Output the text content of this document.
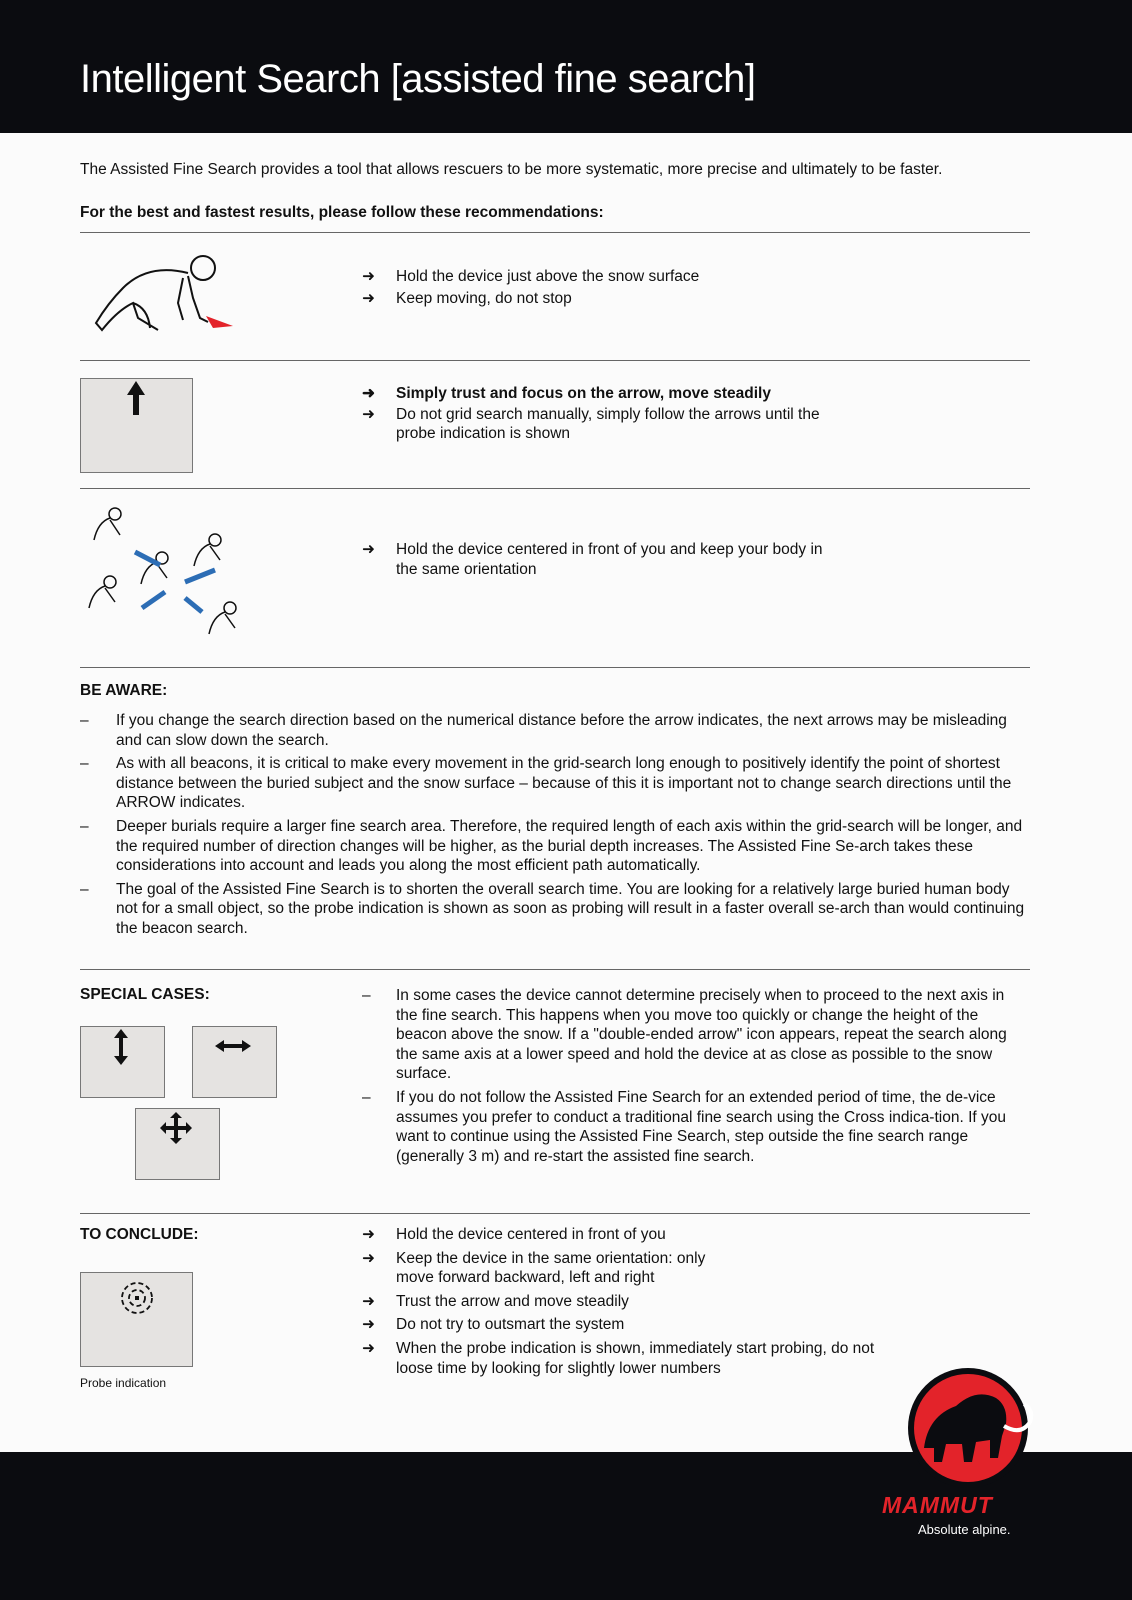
Intelligent Search [assisted fine search]
The Assisted Fine Search provides a tool that allows rescuers to be more systematic, more precise and ultimately to be faster.
For the best and fastest results, please follow these recommendations:
➜	Hold the device just above the snow surface
➜	Keep moving, do not stop
➜	Simply trust and focus on the arrow, move steadily
➜	Do not grid search manually, simply follow the arrows until the probe indication is shown
➜	Hold the device centered in front of you and keep your body in the same orientation
BE AWARE:
–	If you change the search direction based on the numerical distance before the arrow indicates, the next arrows may be misleading and can slow down the search.
–	As with all beacons, it is critical to make every movement in the grid-search long enough to positively identify the point of shortest distance between the buried subject and the snow surface – because of this it is important not to change search directions until the ARROW indicates.
–	Deeper burials require a larger fine search area. Therefore, the required length of each axis within the grid-search will be longer, and the required number of direction changes will be higher, as the burial depth increases. The Assisted Fine Se-arch takes these considerations into account and leads you along the most efficient path automatically.
–	The goal of the Assisted Fine Search is to shorten the overall search time. You are looking for a relatively large buried human body not for a small object, so the probe indication is shown as soon as probing will result in a faster overall se-arch than would continuing the beacon search.
SPECIAL CASES:	–	In some cases the device cannot determine precisely when to proceed to the next axis in the fine search. This happens when you move too quickly or change the height of the beacon above the snow. If a "double-ended arrow" icon appears, repeat the search along the same axis at a lower speed and hold the device at as close as possible to the snow surface.
–	If you do not follow the Assisted Fine Search for an extended period of time, the de-vice assumes you prefer to conduct a traditional fine search using the Cross indica-tion. If you want to continue using the Assisted Fine Search, step outside the fine search range (generally 3 m) and re-start the assisted fine search.
TO CONCLUDE:
Probe indication
➜	Hold the device centered in front of you
➜	Keep the device in the same orientation: only move forward backward, left and right
➜	Trust the arrow and move steadily
➜	Do not try to outsmart the system
➜	When the probe indication is shown, immediately start probing, do not loose time by looking for slightly lower numbers
MAMMUT
Absolute alpine.
